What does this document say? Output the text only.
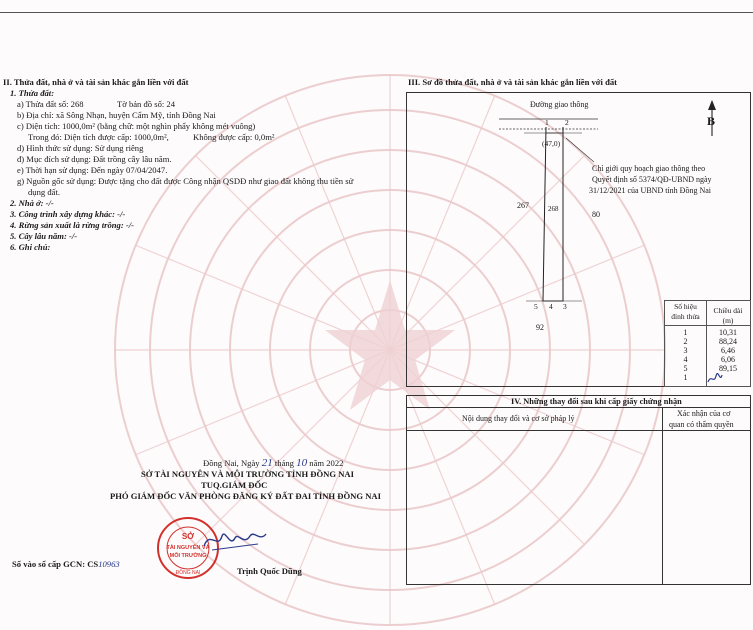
II. Thửa đất, nhà ở và tài sản khác gắn liền với đất
1. Thửa đất:
a) Thửa đất số: 268	Tờ bản đồ số: 24
b) Địa chỉ: xã Sông Nhạn, huyện Cẩm Mỹ, tỉnh Đồng Nai
c) Diện tích: 1000,0m² (bằng chữ: một nghìn phẩy không mét vuông)
Trong đó: Diện tích được cấp: 1000,0m²,	Không được cấp: 0,0m²
d) Hình thức sử dụng: Sử dụng riêng
đ) Mục đích sử dụng: Đất trồng cây lâu năm.
e) Thời hạn sử dụng: Đến ngày 07/04/2047.
g) Nguồn gốc sử dụng: Được tặng cho đất được Công nhận QSDĐ như giao đất không thu tiền sử
dụng đất.
2. Nhà ở: -/-
3. Công trình xây dựng khác: -/-
4. Rừng sản xuất là rừng trồng: -/-
5. Cây lâu năm: -/-
6. Ghi chú:
III. Sơ đồ thửa đất, nhà ở và tài sản khác gắn liền với đất
Đường giao thông
B
1 2
(47,0)
Chỉ giới quy hoạch giao thông theo
Quyết định số 5374/QĐ-UBND ngày
31/12/2021 của UBND tỉnh Đồng Nai
267	268
80
5 4 3
92
Số hiệu
đỉnh thửa
Chiều dài
(m)
1	10,31
2	88,24
3	6,46
4	6,06
5	89,15
1
IV. Những thay đổi sau khi cấp giấy chứng nhận
Nội dung thay đổi và cơ sở pháp lý
Xác nhận của cơ
quan có thẩm quyền
Đồng Nai, Ngày 21 tháng 10 năm 2022
SỞ TÀI NGUYÊN VÀ MÔI TRƯỜNG TỈNH ĐỒNG NAI
TUQ.GIÁM ĐỐC
PHÓ GIÁM ĐỐC VĂN PHÒNG ĐĂNG KÝ ĐẤT ĐAI TỈNH ĐỒNG NAI
SỞ
TÀI NGUYÊN VÀ
MÔI TRƯỜNG
ĐỒNG NAI	Trịnh Quốc Dũng
Số vào sổ cấp GCN: CS10963
